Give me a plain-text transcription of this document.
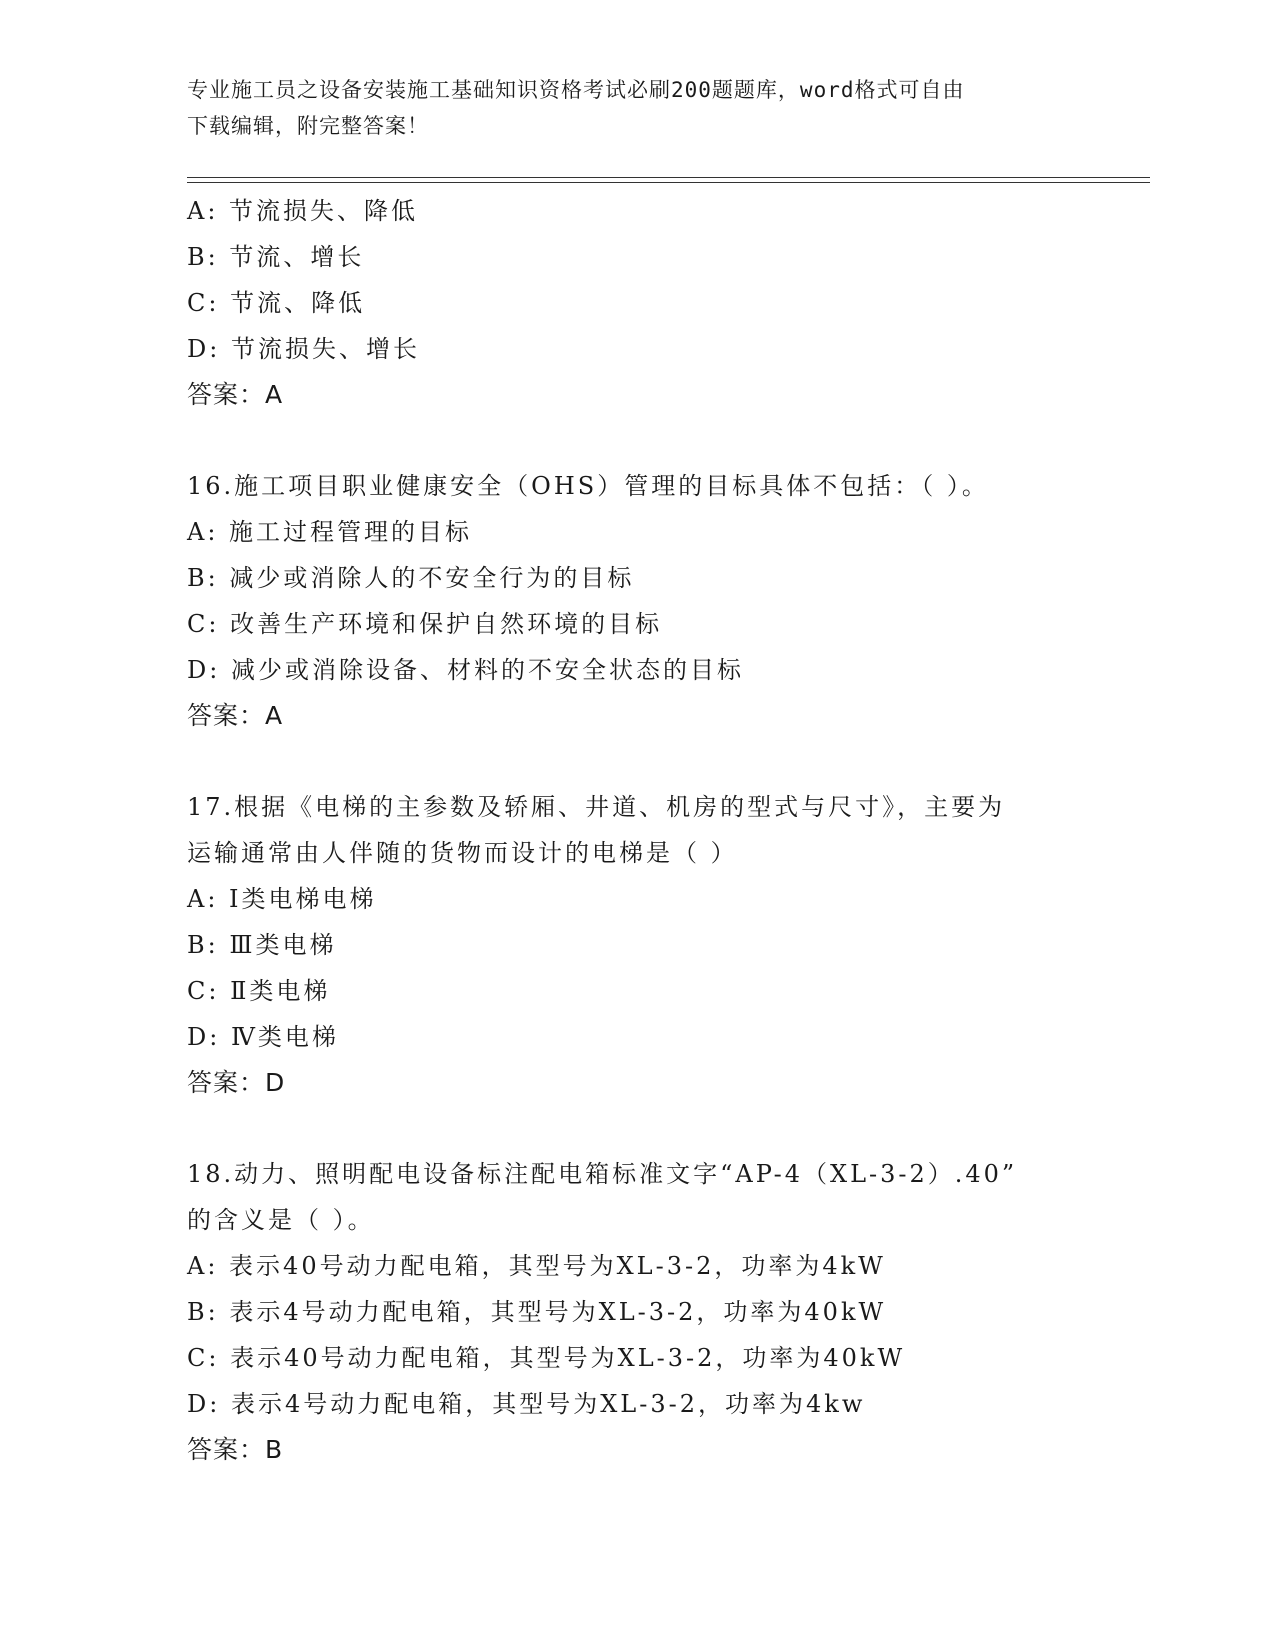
专业施工员之设备安装施工基础知识资格考试必刷200题题库，word格式可自由
下载编辑，附完整答案！
A: 节流损失、降低
B: 节流、增长
C: 节流、降低
D: 节流损失、增长
答案：A
16.施工项目职业健康安全（OHS）管理的目标具体不包括：（ ）。
A: 施工过程管理的目标
B: 减少或消除人的不安全行为的目标
C: 改善生产环境和保护自然环境的目标
D: 减少或消除设备、材料的不安全状态的目标
答案：A
17.根据《电梯的主参数及轿厢、井道、机房的型式与尺寸》，主要为
运输通常由人伴随的货物而设计的电梯是（ ）
A: Ⅰ类电梯电梯
B: Ⅲ类电梯
C: Ⅱ类电梯
D: Ⅳ类电梯
答案：D
18.动力、照明配电设备标注配电箱标准文字“AP-4（XL-3-2）.40”
的含义是（ ）。
A: 表示40号动力配电箱，其型号为XL-3-2，功率为4kW
B: 表示4号动力配电箱，其型号为XL-3-2，功率为40kW
C: 表示40号动力配电箱，其型号为XL-3-2，功率为40kW
D: 表示4号动力配电箱，其型号为XL-3-2，功率为4kw
答案：B
